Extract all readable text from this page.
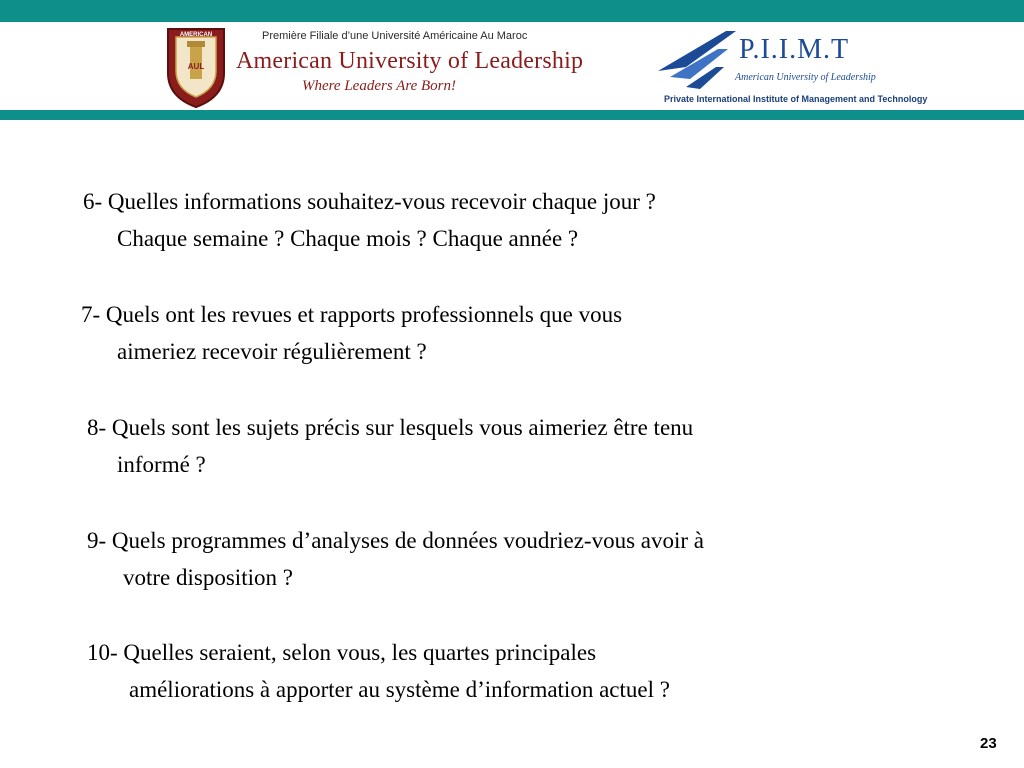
AUL
AMERICAN	Première Filiale d’une Université Américaine Au Maroc
American University of Leadership
Where Leaders Are Born!
P.I.I.M.T
American University of Leadership
Private International Institute of Management and Technology
6- Quelles informations souhaitez-vous recevoir chaque jour ?
Chaque semaine ? Chaque mois ? Chaque année ?
7- Quels ont les revues et rapports professionnels que vous
aimeriez recevoir régulièrement ?
8- Quels sont les sujets précis sur lesquels vous aimeriez être tenu
informé ?
9- Quels programmes d’analyses de données voudriez-vous avoir à
votre disposition ?
10- Quelles seraient, selon vous, les quartes principales
améliorations à apporter au système d’information actuel ?
23
